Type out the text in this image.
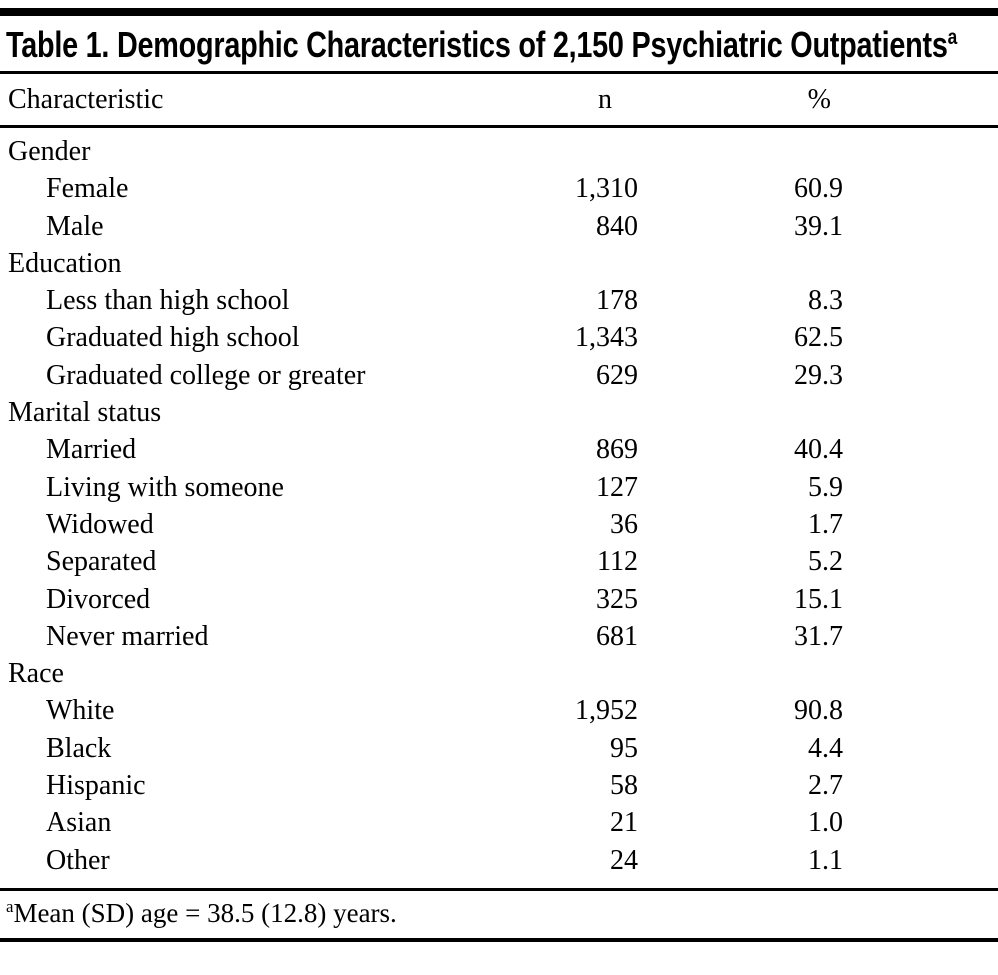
Table 1. Demographic Characteristics of 2,150 Psychiatric Outpatients$^a$
Characteristic	n	%	
Gender			
Female	1,310	60.9	
Male	840	39.1	
Education			
Less than high school	178	8.3	
Graduated high school	1,343	62.5	
Graduated college or greater	629	29.3	
Marital status			
Married	869	40.4	
Living with someone	127	5.9	
Widowed	36	1.7	
Separated	112	5.2	
Divorced	325	15.1	
Never married	681	31.7	
Race			
White	1,952	90.8	
Black	95	4.4	
Hispanic	58	2.7	
Asian	21	1.0	
Other	24	1.1	
$^a$Mean (SD) age = 38.5 (12.8) years.
